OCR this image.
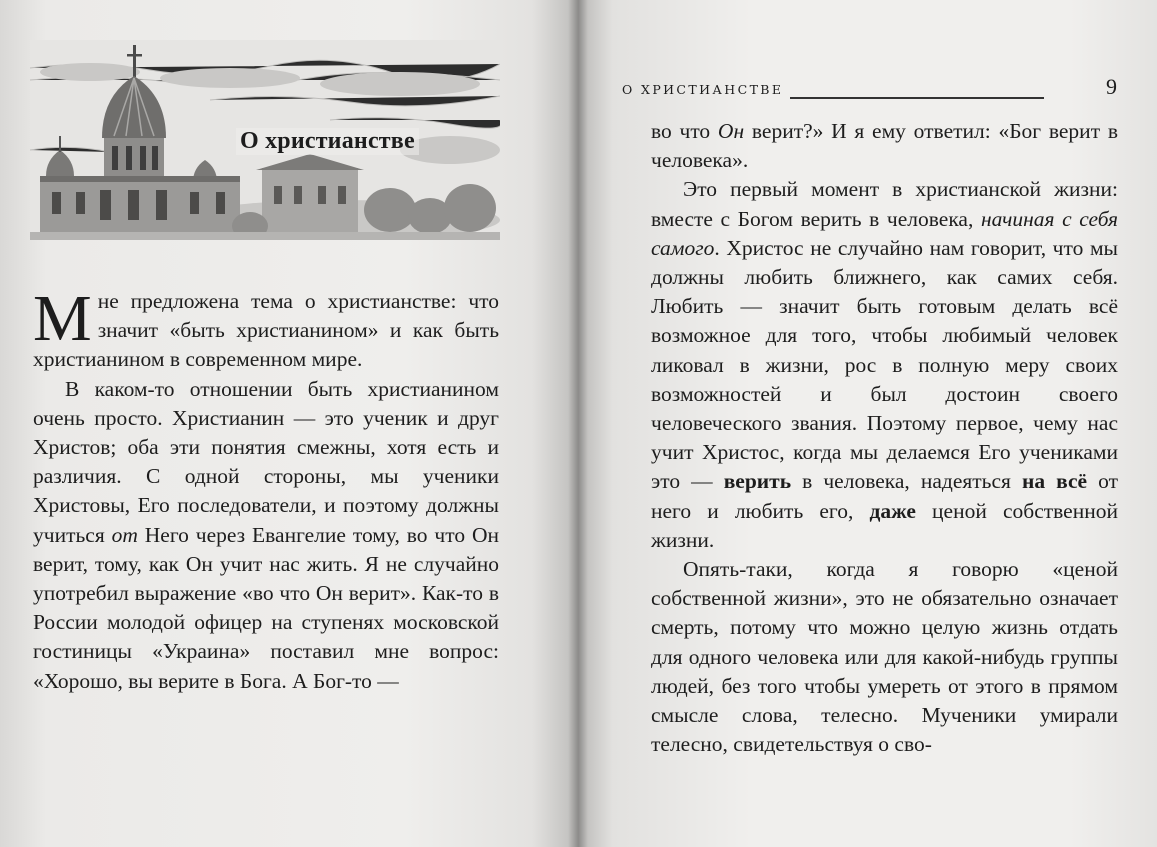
О христианстве

Мне предложена тема о христианстве: что значит «быть христианином» и как быть христианином в современном мире.

В каком-то отношении быть христианином очень просто. Христианин — это ученик и друг Христов; оба эти понятия смежны, хотя есть и различия. С одной стороны, мы ученики Христовы, Его последователи, и поэтому должны учиться от Него через Евангелие тому, во что Он верит, тому, как Он учит нас жить. Я не случайно употребил выражение «во что Он верит». Как-то в России молодой офицер на ступенях московской гостиницы «Украина» поставил мне вопрос: «Хорошо, вы верите в Бога. А Бог-то —

О ХРИСТИАНСТВЕ	9

во что Он верит?» И я ему ответил: «Бог верит в человека».

Это первый момент в христианской жизни: вместе с Богом верить в человека, начиная с себя самого. Христос не случайно нам говорит, что мы должны любить ближнего, как самих себя. Любить — значит быть готовым делать всё возможное для того, чтобы любимый человек ликовал в жизни, рос в полную меру своих возможностей и был достоин своего человеческого звания. Поэтому первое, чему нас учит Христос, когда мы делаемся Его учениками это — верить в человека, надеяться на всё от него и любить его, даже ценой собственной жизни.

Опять-таки, когда я говорю «ценой собственной жизни», это не обязательно означает смерть, потому что можно целую жизнь отдать для одного человека или для какой-нибудь группы людей, без того чтобы умереть от этого в прямом смысле слова, телесно. Мученики умирали телесно, свидетельствуя о сво-
